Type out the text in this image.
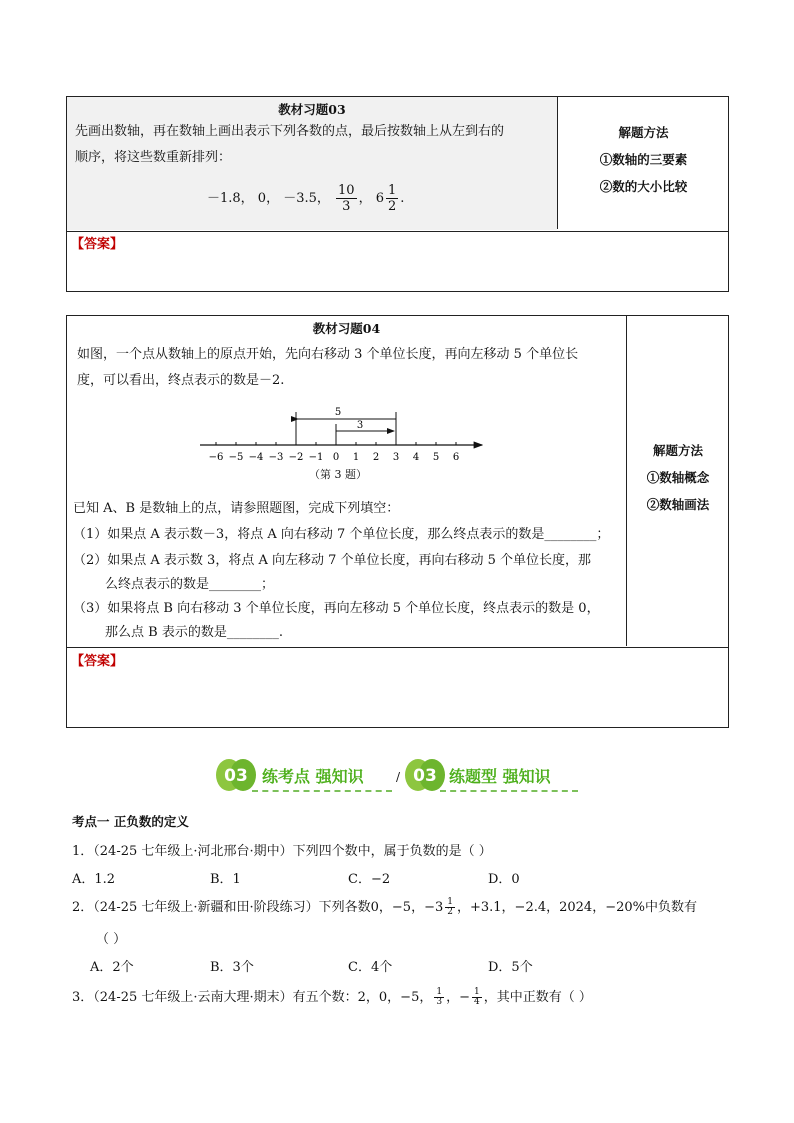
教材习题03
先画出数轴，再在数轴上画出表示下列各数的点，最后按数轴上从左到右的
顺序，将这些数重新排列：
－1.8， 0， －3.5， $\frac{10}{3}$ ， $6 \frac{1}{2}$ .
解题方法
①数轴的三要素
②数的大小比较
【答案】
教材习题04
如图，一个点从数轴上的原点开始，先向右移动 3 个单位长度，再向左移动 5 个单位长
度，可以看出，终点表示的数是－2.
−6 −5 −4 −3 −2 −1 0 1 2 3 4 5 6
5
3
（第 3 题）
已知 A、B 是数轴上的点，请参照题图，完成下列填空：
（1）如果点 A 表示数－3，将点 A 向右移动 7 个单位长度，那么终点表示的数是________；
（2）如果点 A 表示数 3，将点 A 向左移动 7 个单位长度，再向右移动 5 个单位长度，那
么终点表示的数是________；
（3）如果将点 B 向右移动 3 个单位长度，再向左移动 5 个单位长度，终点表示的数是 0，
那么点 B 表示的数是________.
解题方法
①数轴概念
②数轴画法
【答案】
03 练考点 强知识	/ 03 练题型 强知识
考点一 正负数的定义
1．（24-25 七年级上·河北邢台·期中）下列四个数中，属于负数的是（ ）
A．1.2	B．1	C．−2	D．0
2．（24-25 七年级上·新疆和田·阶段练习）下列各数0，−5，$-3 \frac{1}{2}$ ，+3.1，−2.4，2024，−20%中负数有
（ ）
A．2个	B．3个	C．4个	D．5个
3．（24-25 七年级上·云南大理·期末）有五个数：2，0，−5， $\frac{1}{3}$ ，− $\frac{1}{4}$ ，其中正数有（ ）
